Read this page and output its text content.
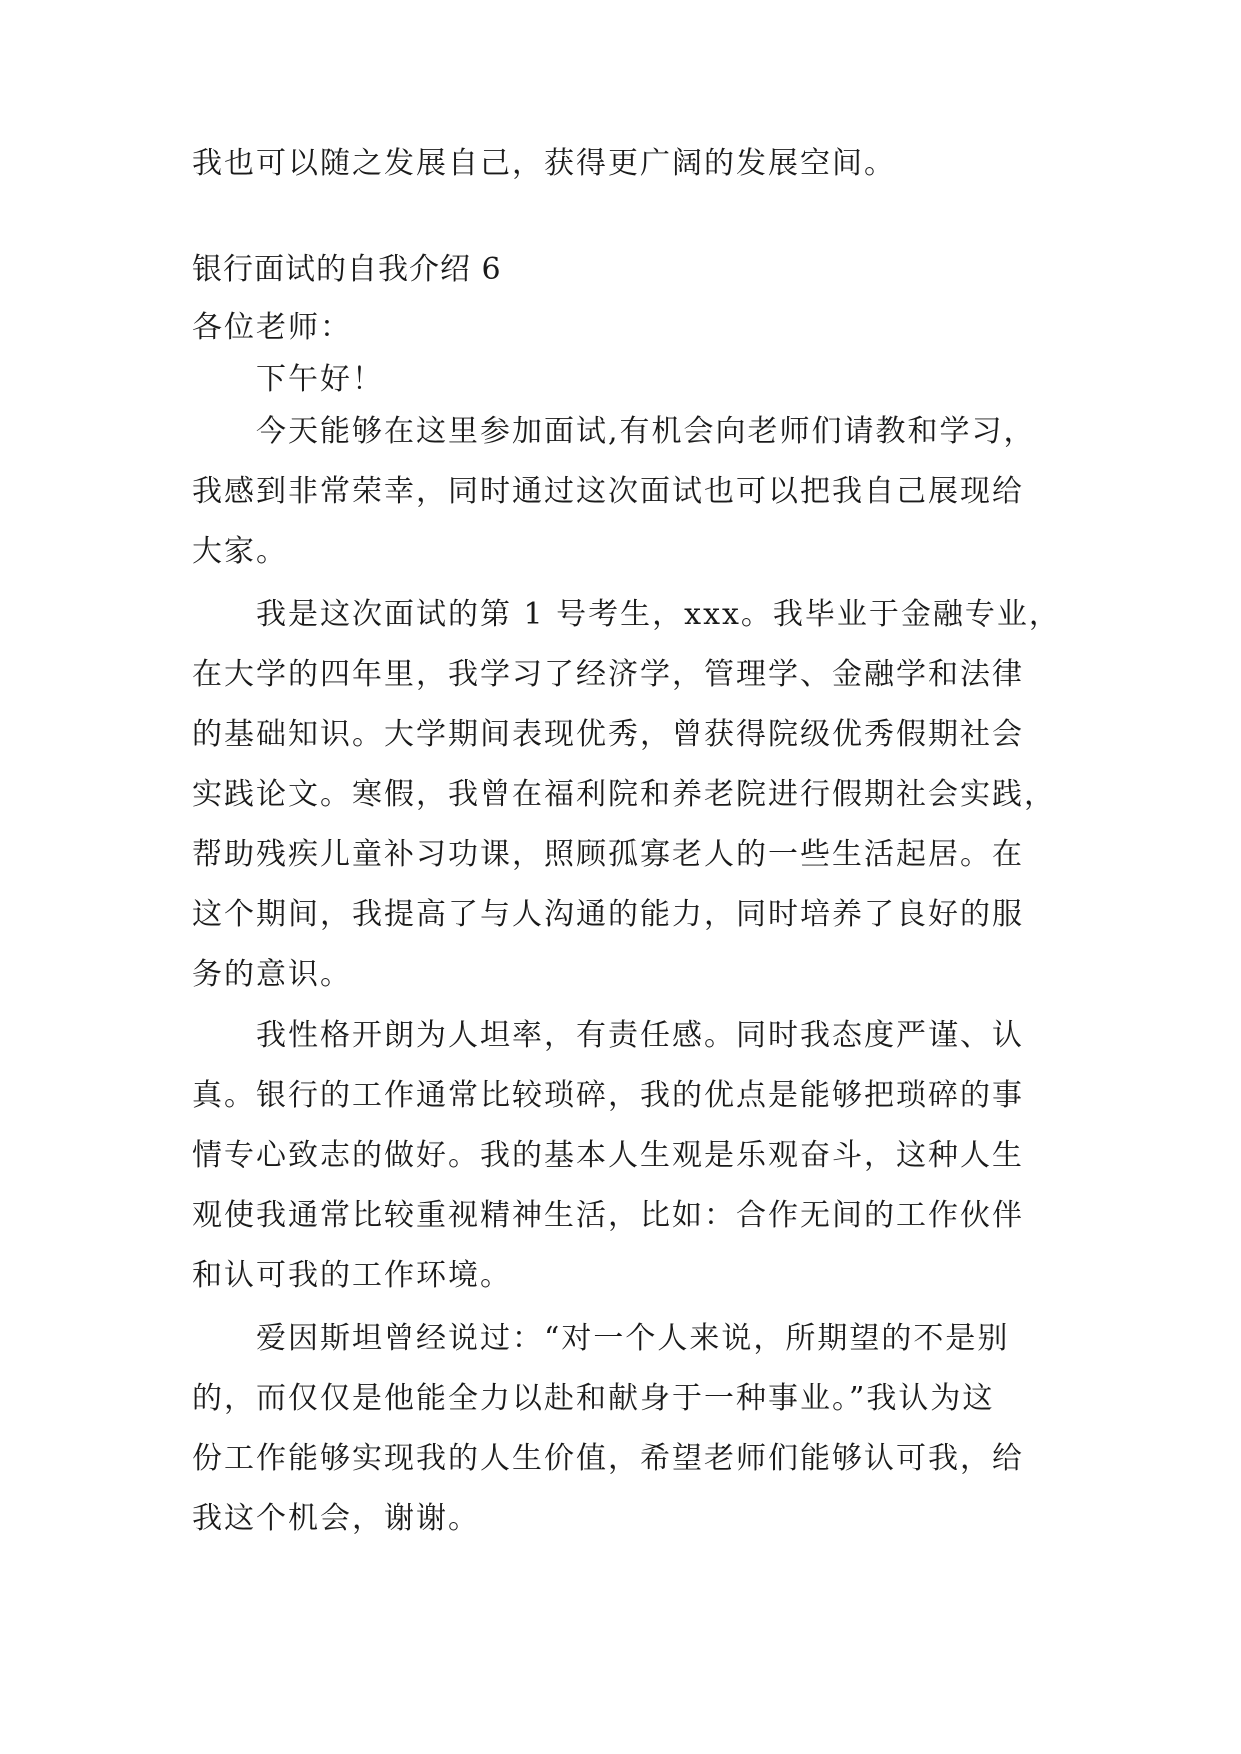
我也可以随之发展自己，获得更广阔的发展空间。
银行面试的自我介绍 6
各位老师：
下午好！
今天能够在这里参加面试,有机会向老师们请教和学习，
我感到非常荣幸，同时通过这次面试也可以把我自己展现给
大家。
我是这次面试的第 1 号考生，xxx。我毕业于金融专业，
在大学的四年里，我学习了经济学，管理学、金融学和法律
的基础知识。大学期间表现优秀，曾获得院级优秀假期社会
实践论文。寒假，我曾在福利院和养老院进行假期社会实践，
帮助残疾儿童补习功课，照顾孤寡老人的一些生活起居。在
这个期间，我提高了与人沟通的能力，同时培养了良好的服
务的意识。
我性格开朗为人坦率，有责任感。同时我态度严谨、认
真。银行的工作通常比较琐碎，我的优点是能够把琐碎的事
情专心致志的做好。我的基本人生观是乐观奋斗，这种人生
观使我通常比较重视精神生活，比如：合作无间的工作伙伴
和认可我的工作环境。
爱因斯坦曾经说过：“对一个人来说，所期望的不是别
的，而仅仅是他能全力以赴和献身于一种事业。”我认为这
份工作能够实现我的人生价值，希望老师们能够认可我，给
我这个机会，谢谢。
